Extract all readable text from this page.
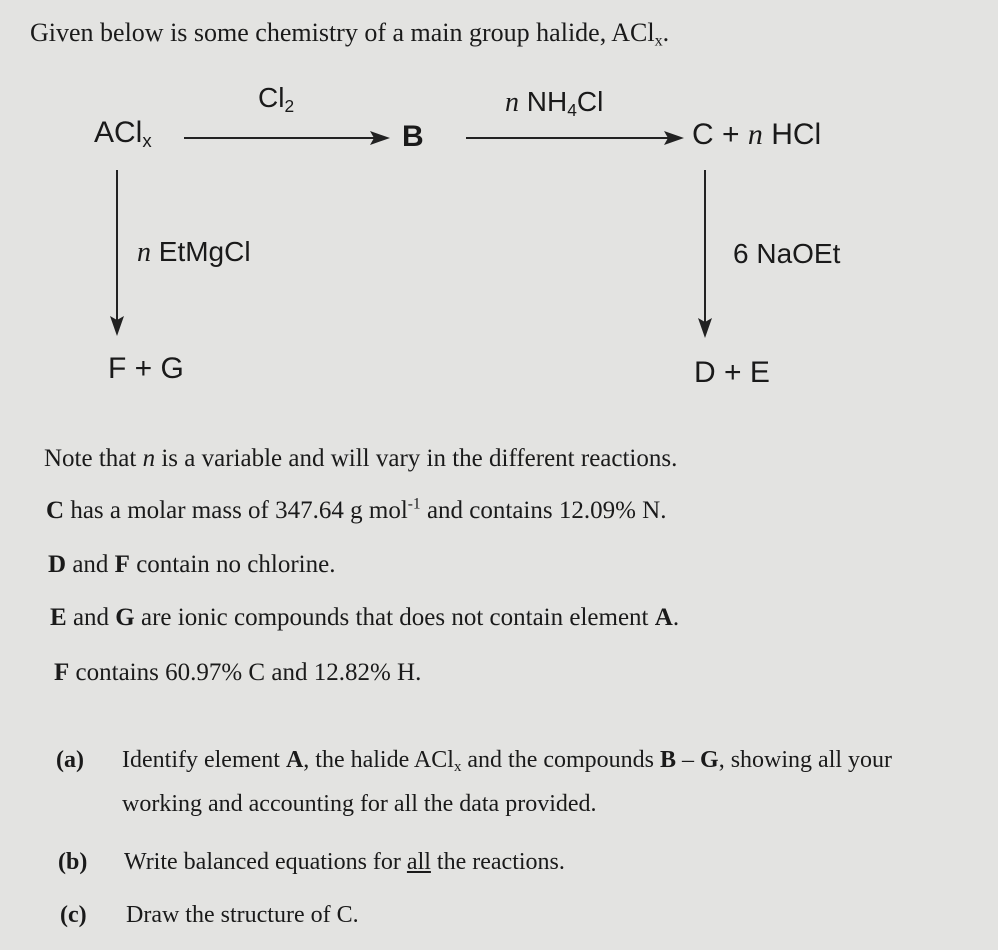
Given below is some chemistry of a main group halide, ACl$_x$.
ACl$_x$
$Cl_2$
B
n $NH_4Cl$
C + n HCl
n EtMgCl
F + G
6 NaOEt
D + E
Note that n is a variable and will vary in the different reactions.
C has a molar mass of 347.64 g mol$^{-1}$ and contains 12.09% N.
D and F contain no chlorine.
E and G are ionic compounds that does not contain element A.
F contains 60.97% C and 12.82% H.
(a) Identify element A, the halide ACl$_x$ and the compounds B – G, showing all your
working and accounting for all the data provided.
(b) Write balanced equations for all the reactions.
(c) Draw the structure of C.
